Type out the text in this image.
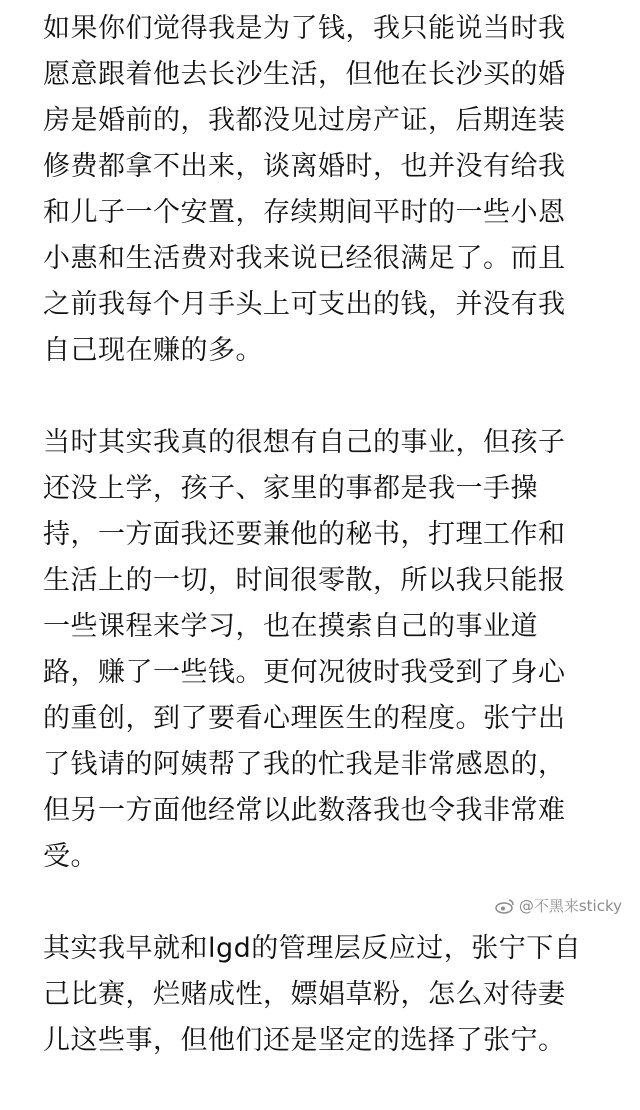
如果你们觉得我是为了钱，我只能说当时我
愿意跟着他去长沙生活，但他在长沙买的婚
房是婚前的，我都没见过房产证，后期连装
修费都拿不出来，谈离婚时，也并没有给我
和儿子一个安置，存续期间平时的一些小恩
小惠和生活费对我来说已经很满足了。而且
之前我每个月手头上可支出的钱，并没有我
自己现在赚的多。
当时其实我真的很想有自己的事业，但孩子
还没上学，孩子、家里的事都是我一手操
持，一方面我还要兼他的秘书，打理工作和
生活上的一切，时间很零散，所以我只能报
一些课程来学习，也在摸索自己的事业道
路，赚了一些钱。更何况彼时我受到了身心
的重创，到了要看心理医生的程度。张宁出
了钱请的阿姨帮了我的忙我是非常感恩的，
但另一方面他经常以此数落我也令我非常难
受。
其实我早就和lgd的管理层反应过，张宁下自
己比赛，烂赌成性，嫖娼草粉，怎么对待妻
儿这些事，但他们还是坚定的选择了张宁。
@不黑来sticky
